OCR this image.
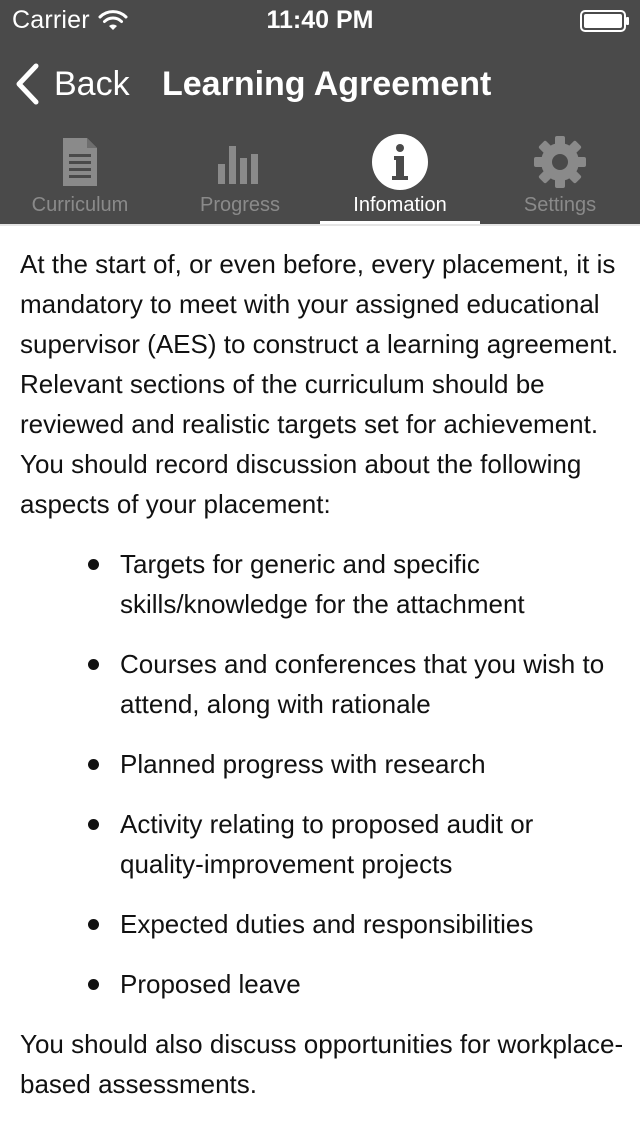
Carrier	11:40 PM
Back Learning Agreement
Curriculum	Progress	Infomation	Settings

At the start of, or even before, every placement, it is mandatory to meet with your assigned educational supervisor (AES) to construct a learning agreement. Relevant sections of the curriculum should be reviewed and realistic targets set for achievement. You should record discussion about the following aspects of your placement:

Targets for generic and specific skills/knowledge for the attachment
Courses and conferences that you wish to attend, along with rationale
Planned progress with research
Activity relating to proposed audit or quality-improvement projects
Expected duties and responsibilities
Proposed leave

You should also discuss opportunities for workplace-based assessments.
